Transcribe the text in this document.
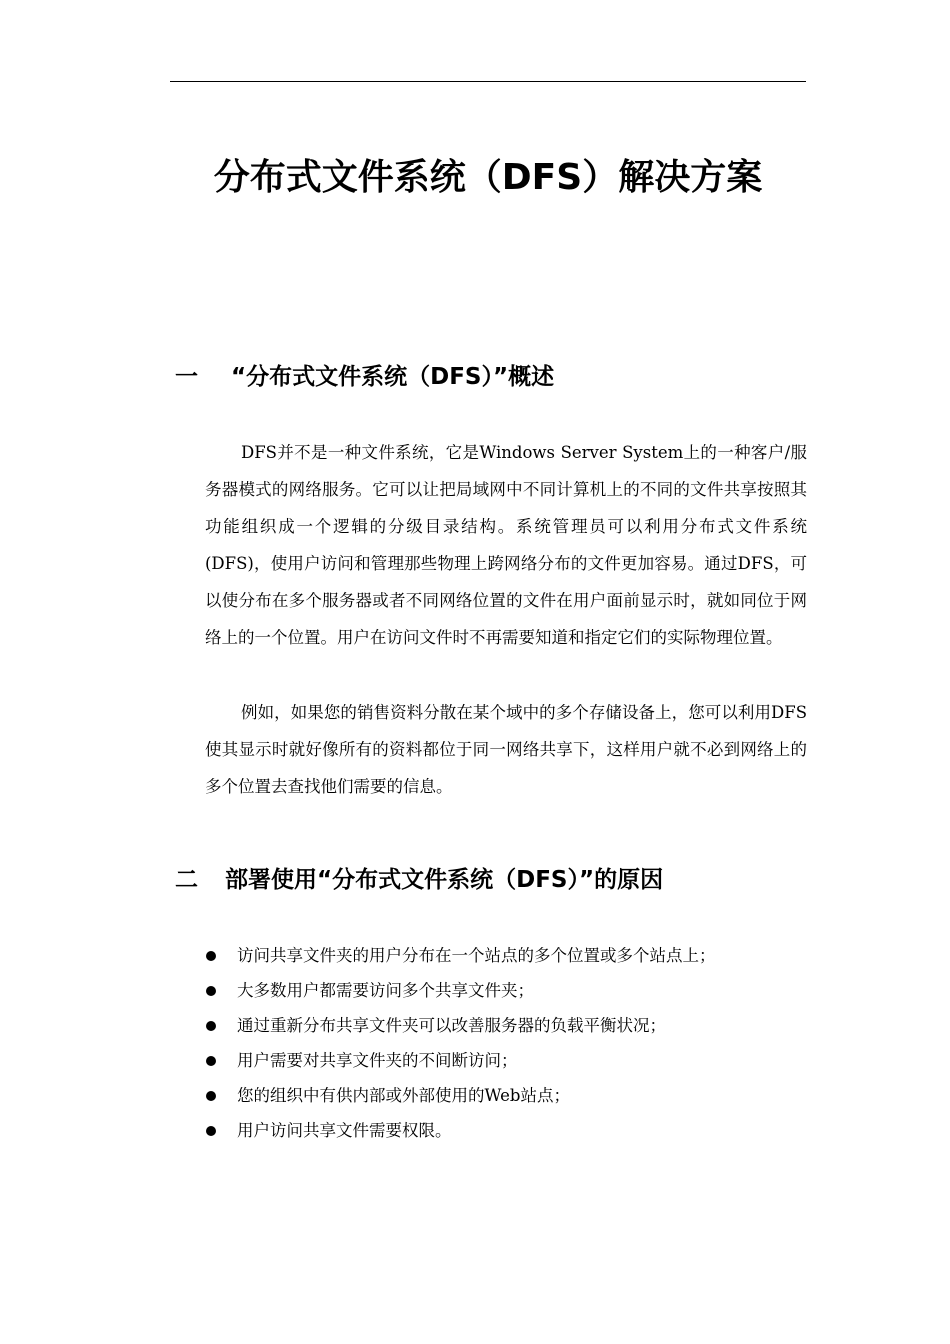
分布式文件系统（DFS）解决方案
一 “分布式文件系统（DFS）”概述

DFS并不是一种文件系统，它是Windows Server System上的一种客户/服务器模式的网络服务。它可以让把局域网中不同计算机上的不同的文件共享按照其功能组织成一个逻辑的分级目录结构。系统管理员可以利用分布式文件系统(DFS)，使用户访问和管理那些物理上跨网络分布的文件更加容易。通过DFS，可以使分布在多个服务器或者不同网络位置的文件在用户面前显示时，就如同位于网络上的一个位置。用户在访问文件时不再需要知道和指定它们的实际物理位置。

例如，如果您的销售资料分散在某个域中的多个存储设备上，您可以利用DFS使其显示时就好像所有的资料都位于同一网络共享下，这样用户就不必到网络上的多个位置去查找他们需要的信息。

二 部署使用“分布式文件系统（DFS）”的原因
访问共享文件夹的用户分布在一个站点的多个位置或多个站点上；
大多数用户都需要访问多个共享文件夹；
通过重新分布共享文件夹可以改善服务器的负载平衡状况；
用户需要对共享文件夹的不间断访问；
您的组织中有供内部或外部使用的Web站点；
用户访问共享文件需要权限。
